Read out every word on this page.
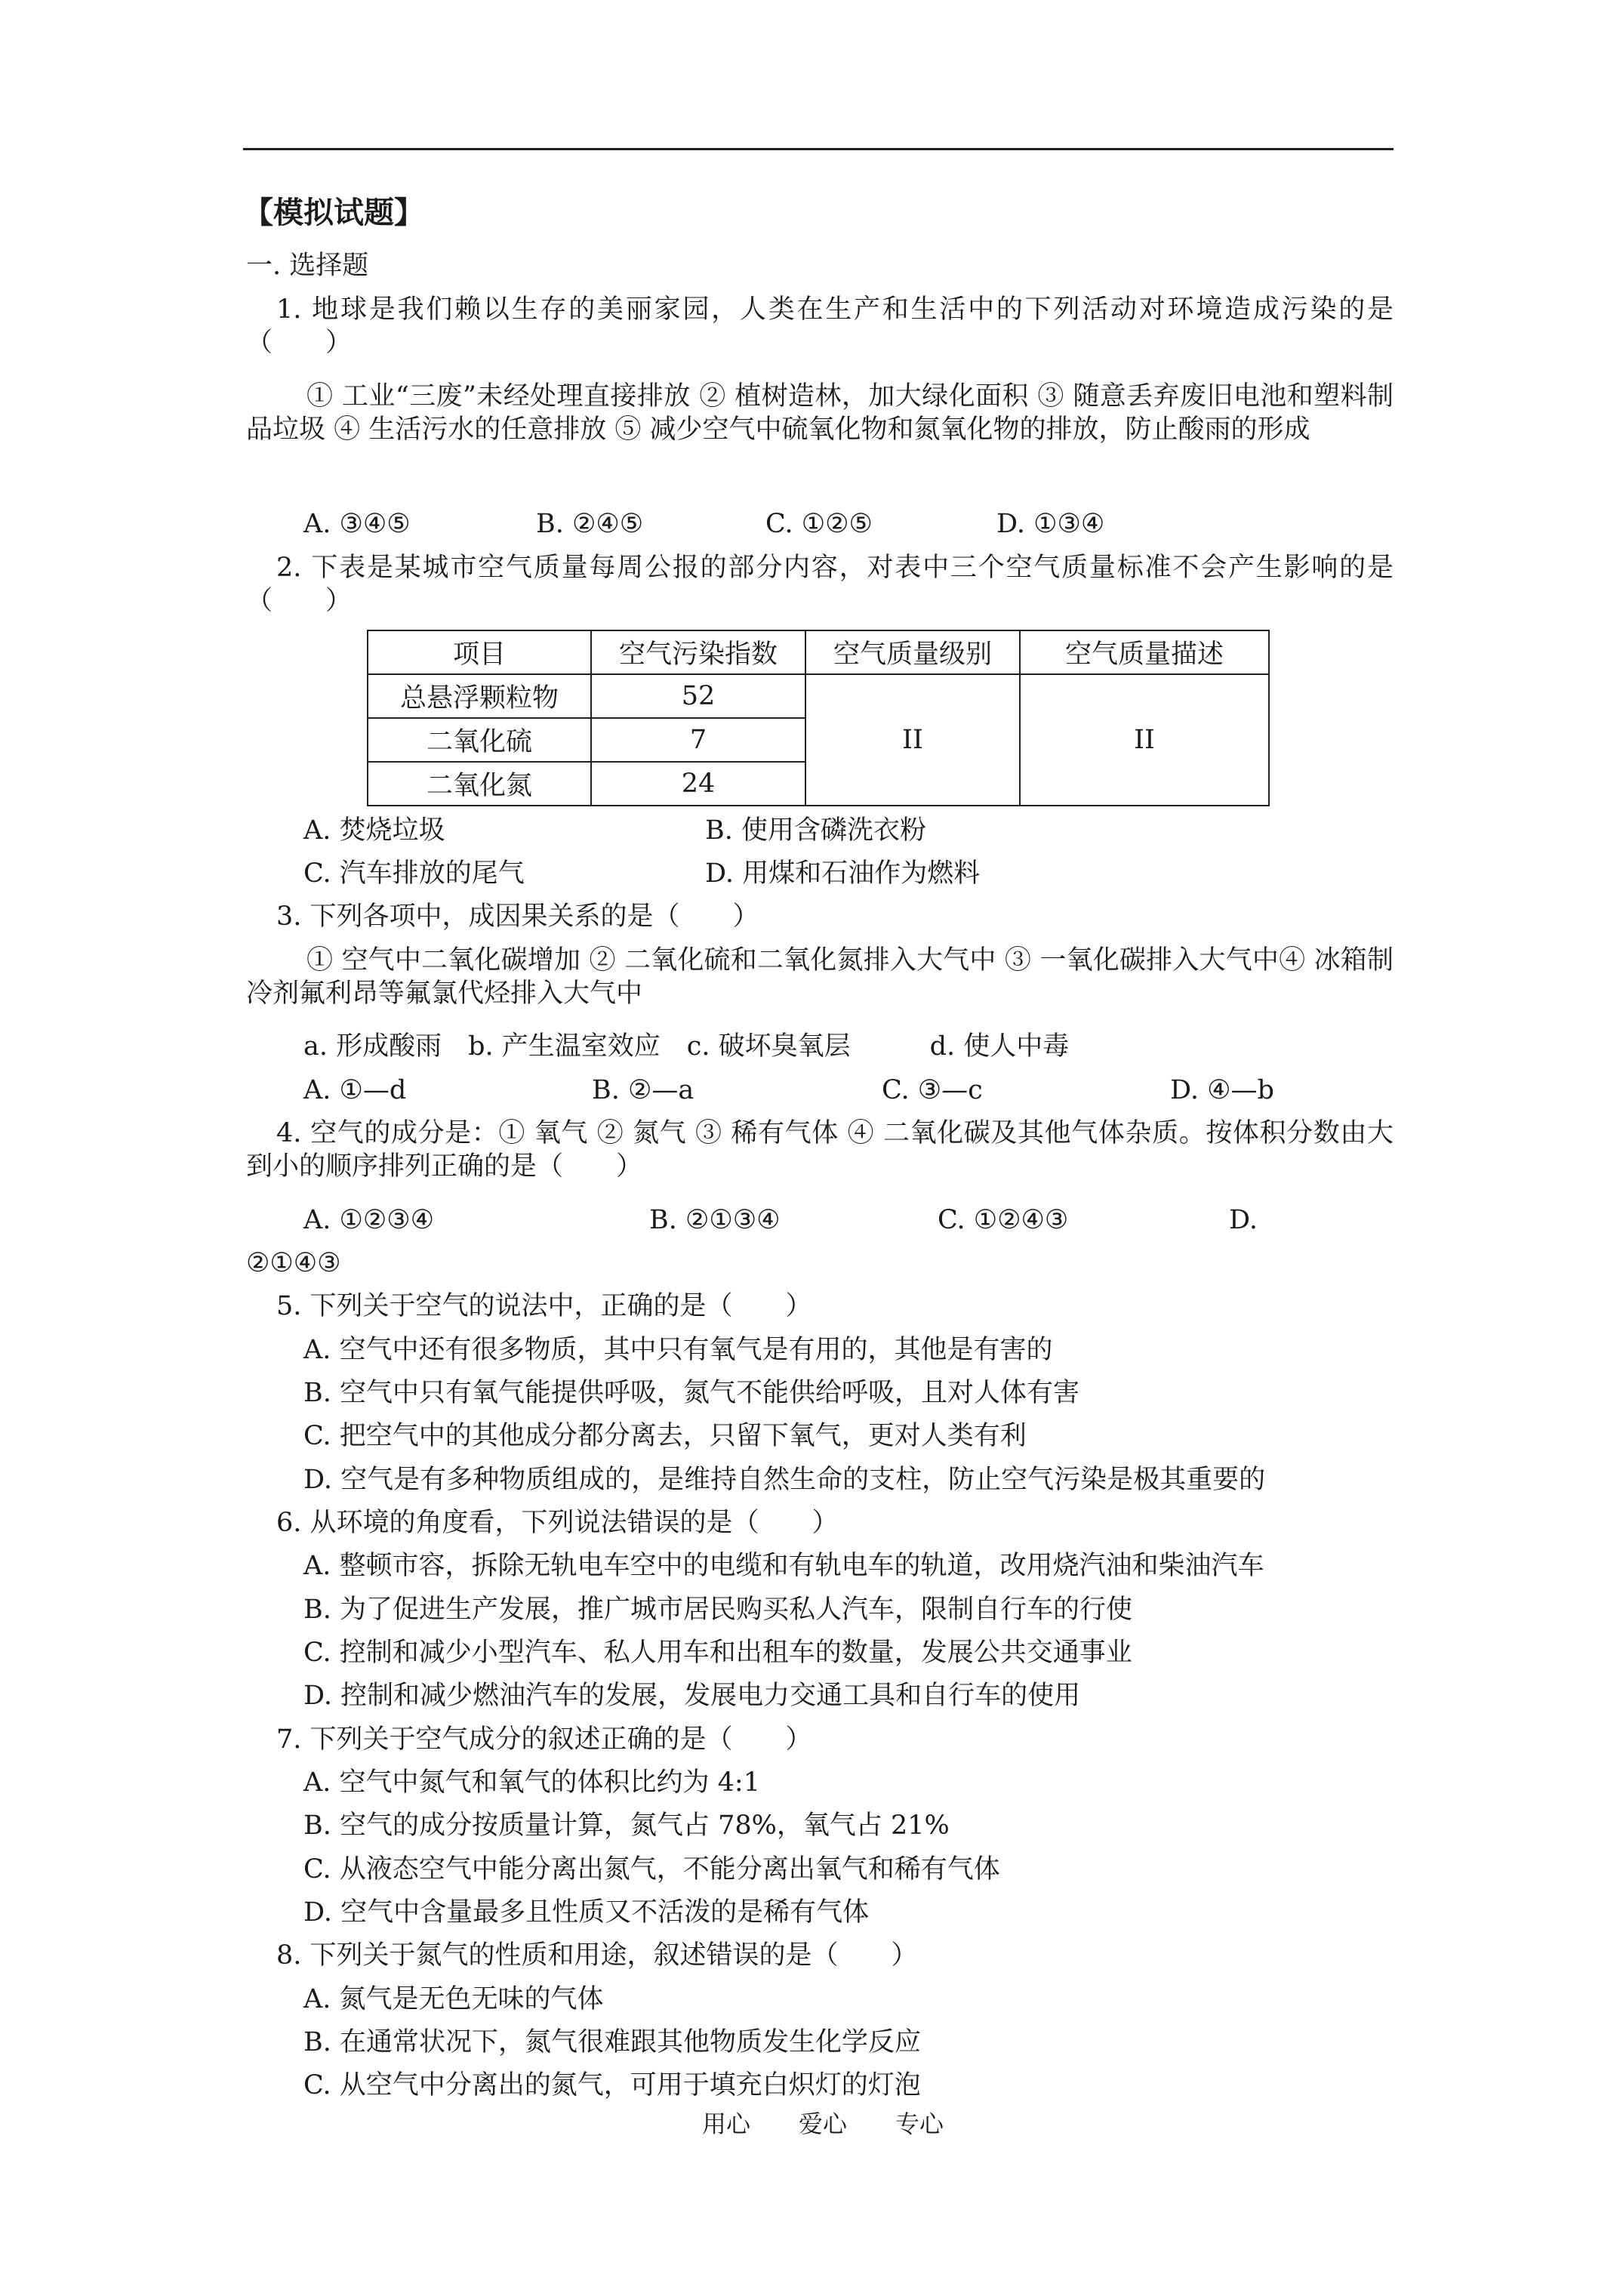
【模拟试题】
一. 选择题
1. 地球是我们赖以生存的美丽家园，人类在生产和生活中的下列活动对环境造成污染的是（　　）
① 工业“三废”未经处理直接排放 ② 植树造林，加大绿化面积 ③ 随意丢弃废旧电池和塑料制品垃圾 ④ 生活污水的任意排放 ⑤ 减少空气中硫氧化物和氮氧化物的排放，防止酸雨的形成
A. ③④⑤	B. ②④⑤	C. ①②⑤	D. ①③④
2. 下表是某城市空气质量每周公报的部分内容，对表中三个空气质量标准不会产生影响的是（　　）
项目	空气污染指数	空气质量级别	空气质量描述
总悬浮颗粒物	52	II	II
二氧化硫	7		
二氧化氮	24		
A. 焚烧垃圾	B. 使用含磷洗衣粉
C. 汽车排放的尾气	D. 用煤和石油作为燃料
3. 下列各项中，成因果关系的是（　　）
① 空气中二氧化碳增加 ② 二氧化硫和二氧化氮排入大气中 ③ 一氧化碳排入大气中④ 冰箱制冷剂氟利昂等氟氯代烃排入大气中
a. 形成酸雨　b. 产生温室效应　c. 破坏臭氧层　　　d. 使人中毒
A. ①—d	B. ②—a	C. ③—c	D. ④—b
4. 空气的成分是：① 氧气 ② 氮气 ③ 稀有气体 ④ 二氧化碳及其他气体杂质。按体积分数由大到小的顺序排列正确的是（　　）
A. ①②③④	B. ②①③④	C. ①②④③	D.
②①④③
5. 下列关于空气的说法中，正确的是（　　）
A. 空气中还有很多物质，其中只有氧气是有用的，其他是有害的
B. 空气中只有氧气能提供呼吸，氮气不能供给呼吸，且对人体有害
C. 把空气中的其他成分都分离去，只留下氧气，更对人类有利
D. 空气是有多种物质组成的，是维持自然生命的支柱，防止空气污染是极其重要的
6. 从环境的角度看，下列说法错误的是（　　）
A. 整顿市容，拆除无轨电车空中的电缆和有轨电车的轨道，改用烧汽油和柴油汽车
B. 为了促进生产发展，推广城市居民购买私人汽车，限制自行车的行使
C. 控制和减少小型汽车、私人用车和出租车的数量，发展公共交通事业
D. 控制和减少燃油汽车的发展，发展电力交通工具和自行车的使用
7. 下列关于空气成分的叙述正确的是（　　）
A. 空气中氮气和氧气的体积比约为 4:1
B. 空气的成分按质量计算，氮气占 78%，氧气占 21%
C. 从液态空气中能分离出氮气，不能分离出氧气和稀有气体
D. 空气中含量最多且性质又不活泼的是稀有气体
8. 下列关于氮气的性质和用途，叙述错误的是（　　）
A. 氮气是无色无味的气体
B. 在通常状况下，氮气很难跟其他物质发生化学反应
C. 从空气中分离出的氮气，可用于填充白炽灯的灯泡
用心　　爱心　　专心
